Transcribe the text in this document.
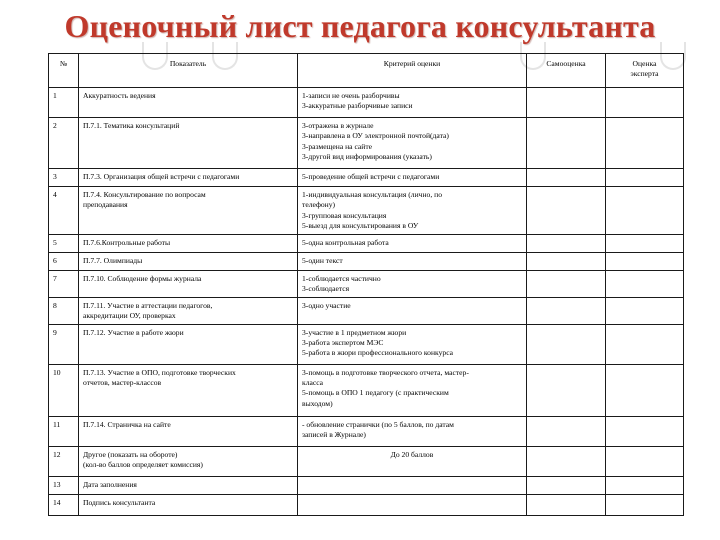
Оценочный лист педагога консультанта
№	Показатель	Критерий оценки	Самооценка	Оценка
эксперта

1	Аккуратность ведения	1-записи не очень разборчивы
3-аккуратные разборчивые записи		

2	П.7.1. Тематика консультаций	3-отражена в журнале
3-направлена в ОУ электронной почтой(дата)
3-размещена на сайте
3-другой вид информирования (указать)		

3	П.7.3. Организация общей встречи с педагогами	5-проведение общей встречи с педагогами		

4	П.7.4. Консультирование по вопросам
преподавания	1-индивидуальная консультация (лично, по
телефону)
3-групповая консультация
5-выезд для консультирования в ОУ		

5	П.7.6.Контрольные работы	5-одна контрольная работа		

6	П.7.7. Олимпиады	5-один текст		

7	П.7.10. Соблюдение формы журнала	1-соблюдается частично
3-соблюдается		

8	П.7.11. Участие в аттестации педагогов,
аккредитации ОУ, проверках	3-одно участие		

9	П.7.12. Участие в работе жюри	3-участие в 1 предметном жюри
3-работа экспертом МЭС
5-работа в жюри профессионального конкурса		

10	П.7.13. Участие в ОПО, подготовке творческих
отчетов, мастер-классов	3-помощь в подготовке творческого отчета, мастер-
класса
5-помощь в ОПО 1 педагогу (с практическим
выходом)		

11	П.7.14. Страничка на сайте	- обновление странички (по 5 баллов, по датам
записей в Журнале)		

12	Другое (показать на обороте)
(кол-во баллов определяет комиссия)	До 20 баллов		

13	Дата заполнения			

14	Подпись консультанта			
